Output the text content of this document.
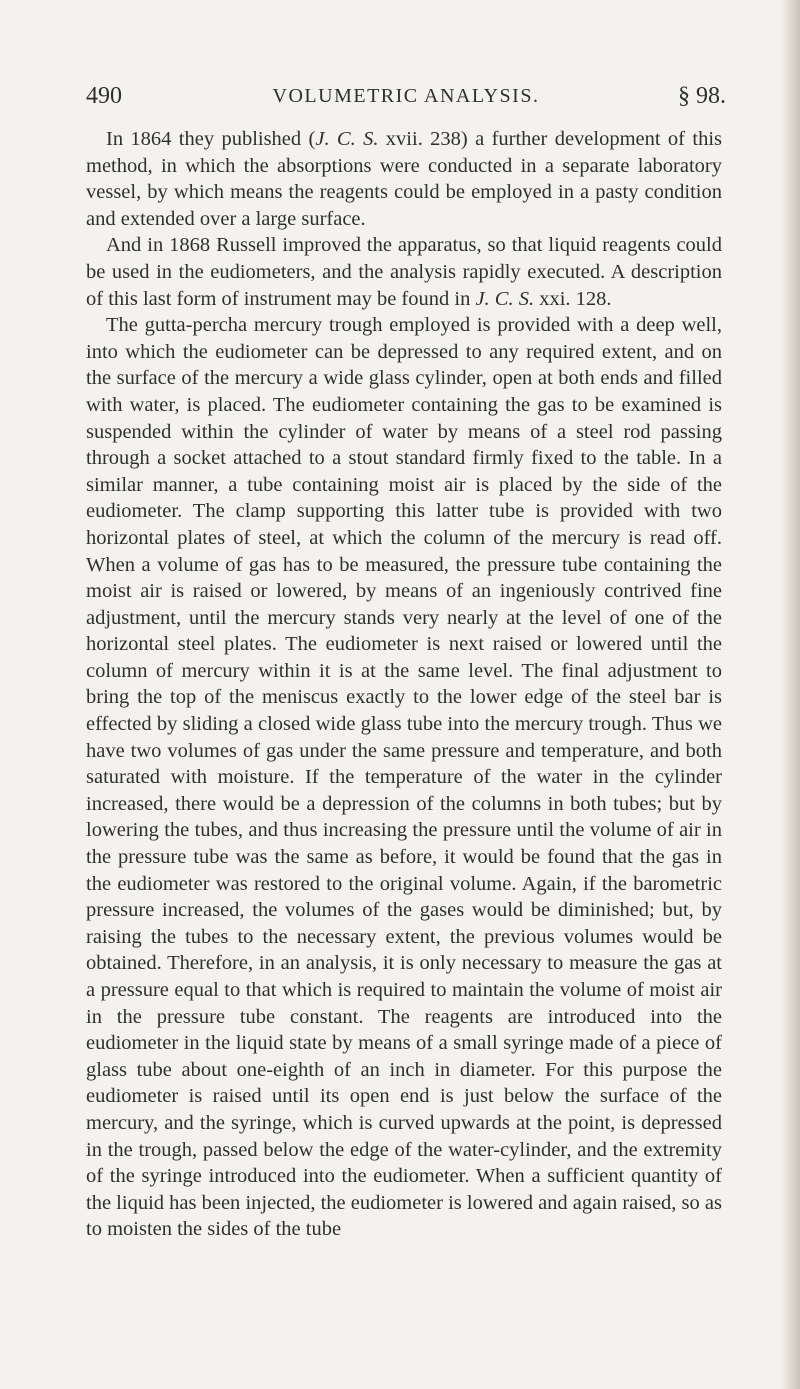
490	VOLUMETRIC ANALYSIS.	§ 98.

In 1864 they published (J. C. S. xvii. 238) a further development of this method, in which the absorptions were conducted in a separate laboratory vessel, by which means the reagents could be employed in a pasty condition and extended over a large surface.

And in 1868 Russell improved the apparatus, so that liquid reagents could be used in the eudiometers, and the analysis rapidly executed. A description of this last form of instrument may be found in J. C. S. xxi. 128.

The gutta-percha mercury trough employed is provided with a deep well, into which the eudiometer can be depressed to any required extent, and on the surface of the mercury a wide glass cylinder, open at both ends and filled with water, is placed. The eudiometer containing the gas to be examined is suspended within the cylinder of water by means of a steel rod passing through a socket attached to a stout standard firmly fixed to the table. In a similar manner, a tube containing moist air is placed by the side of the eudiometer. The clamp supporting this latter tube is provided with two horizontal plates of steel, at which the column of the mercury is read off. When a volume of gas has to be measured, the pressure tube containing the moist air is raised or lowered, by means of an ingeniously contrived fine adjustment, until the mercury stands very nearly at the level of one of the horizontal steel plates. The eudiometer is next raised or lowered until the column of mercury within it is at the same level. The final adjustment to bring the top of the meniscus exactly to the lower edge of the steel bar is effected by sliding a closed wide glass tube into the mercury trough. Thus we have two volumes of gas under the same pressure and temperature, and both saturated with moisture. If the temperature of the water in the cylinder increased, there would be a depression of the columns in both tubes; but by lowering the tubes, and thus increasing the pressure until the volume of air in the pressure tube was the same as before, it would be found that the gas in the eudiometer was restored to the original volume. Again, if the barometric pressure increased, the volumes of the gases would be diminished; but, by raising the tubes to the necessary extent, the previous volumes would be obtained. Therefore, in an analysis, it is only necessary to measure the gas at a pressure equal to that which is required to maintain the volume of moist air in the pressure tube constant. The reagents are introduced into the eudiometer in the liquid state by means of a small syringe made of a piece of glass tube about one-eighth of an inch in diameter. For this purpose the eudiometer is raised until its open end is just below the surface of the mercury, and the syringe, which is curved upwards at the point, is depressed in the trough, passed below the edge of the water-cylinder, and the extremity of the syringe introduced into the eudiometer. When a sufficient quantity of the liquid has been injected, the eudiometer is lowered and again raised, so as to moisten the sides of the tube
